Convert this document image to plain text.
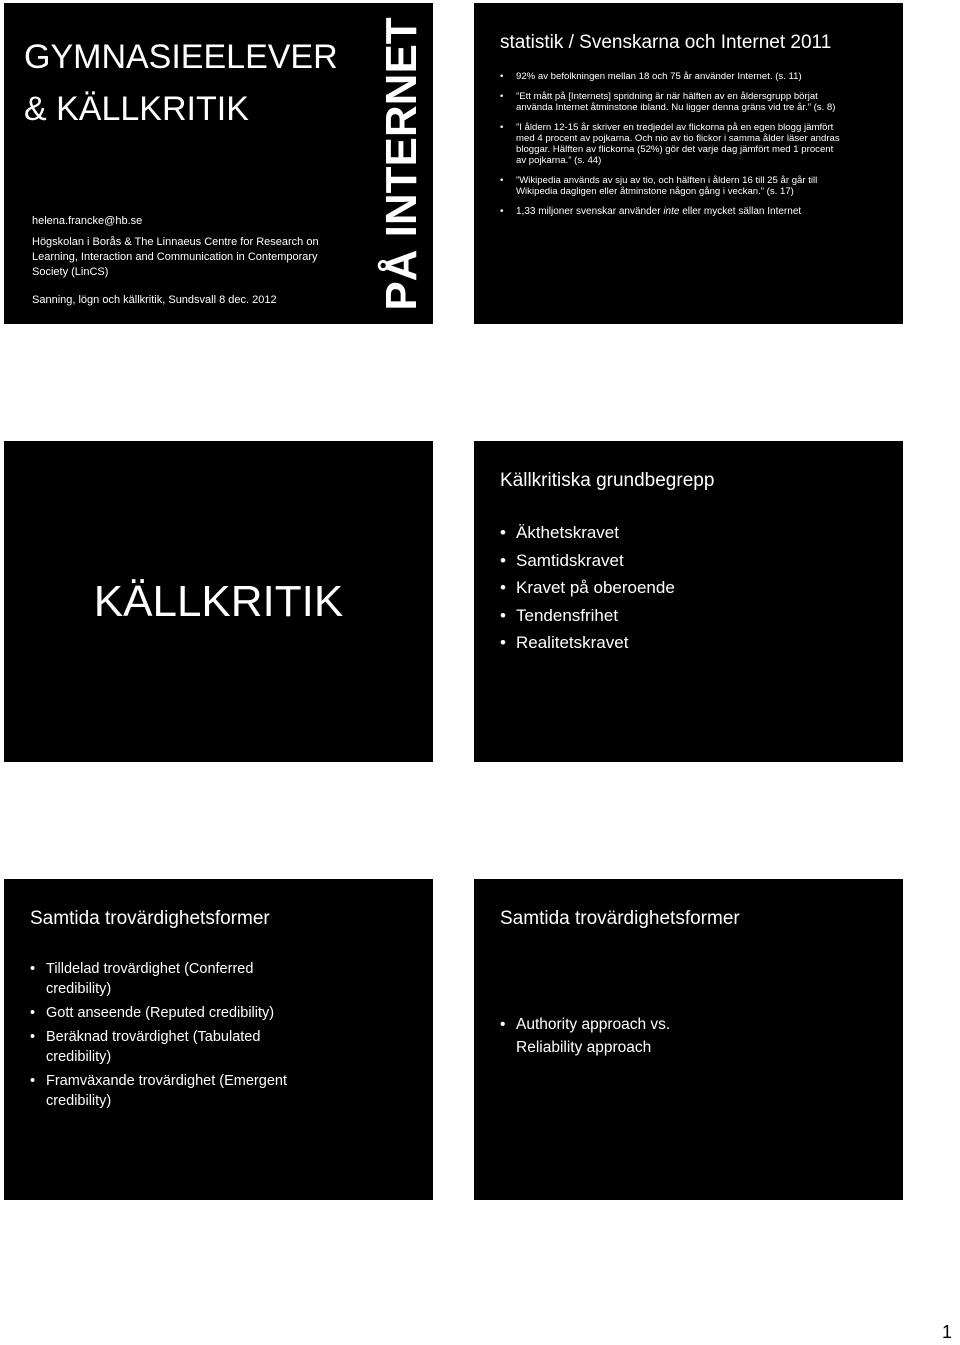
GYMNASIEELEVER
& KÄLLKRITIK
helena.francke@hb.se
Högskolan i Borås & The Linnaeus Centre for Research on Learning, Interaction and Communication in Contemporary Society (LinCS)
Sanning, lögn och källkritik, Sundsvall 8 dec. 2012 PÅ INTERNET	statistik / Svenskarna och Internet 2011
• 92% av befolkningen mellan 18 och 75 år använder Internet. (s. 11)
• ”Ett mått på [Internets] spridning är när hälften av en åldersgrupp börjat använda Internet åtminstone ibland. Nu ligger denna gräns vid tre år.” (s. 8)
• ”I åldern 12-15 år skriver en tredjedel av flickorna på en egen blogg jämfört med 4 procent av pojkarna. Och nio av tio flickor i samma ålder läser andras bloggar. Hälften av flickorna (52%) gör det varje dag jämfört med 1 procent av pojkarna.” (s. 44)
• ”Wikipedia används av sju av tio, och hälften i åldern 16 till 25 år går till Wikipedia dagligen eller åtminstone någon gång i veckan.” (s. 17)
• 1,33 miljoner svenskar använder inte eller mycket sällan Internet
KÄLLKRITIK
Källkritiska grundbegrepp
• Äkthetskravet
• Samtidskravet
• Kravet på oberoende
• Tendensfrihet
• Realitetskravet
Samtida trovärdighetsformer
• Tilldelad trovärdighet (Conferred credibility)
• Gott anseende (Reputed credibility)
• Beräknad trovärdighet (Tabulated credibility)
• Framväxande trovärdighet (Emergent credibility)
Samtida trovärdighetsformer
• Authority approach vs. Reliability approach
1
